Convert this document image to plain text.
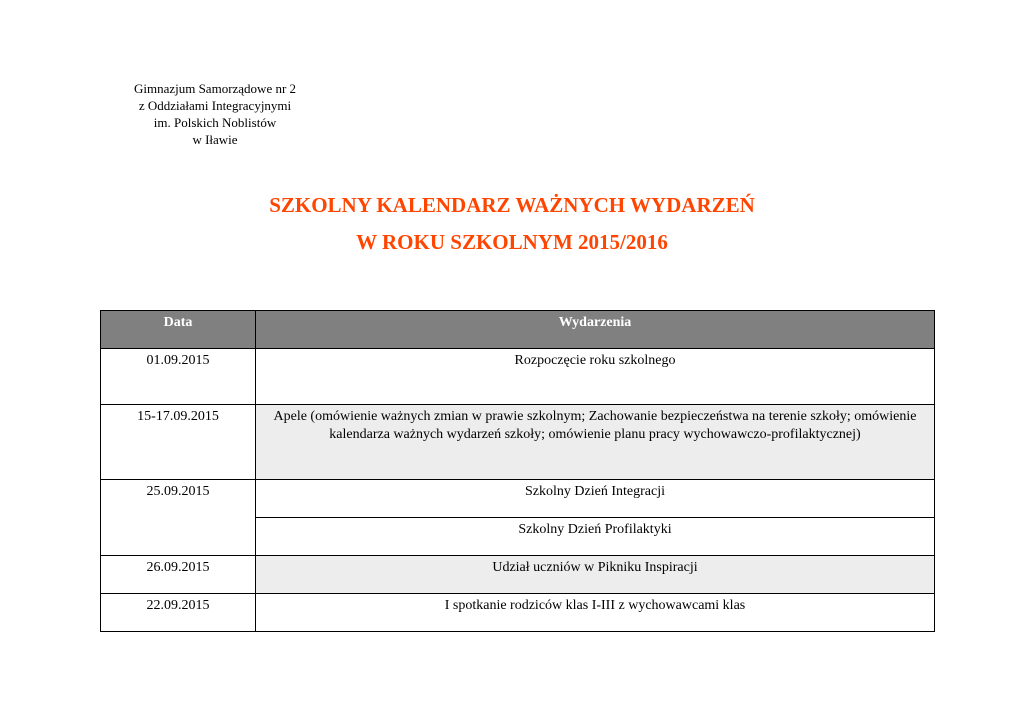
Gimnazjum Samorządowe nr 2
z Oddziałami Integracyjnymi
im. Polskich Noblistów
w Iławie
SZKOLNY KALENDARZ WAŻNYCH WYDARZEŃ
W ROKU SZKOLNYM 2015/2016
Data	Wydarzenia
01.09.2015	Rozpoczęcie roku szkolnego
15-17.09.2015	Apele (omówienie ważnych zmian w prawie szkolnym; Zachowanie bezpieczeństwa na terenie szkoły; omówienie kalendarza ważnych wydarzeń szkoły; omówienie planu pracy wychowawczo-profilaktycznej)
25.09.2015	Szkolny Dzień Integracji
	Szkolny Dzień Profilaktyki
26.09.2015	Udział uczniów w Pikniku Inspiracji
22.09.2015	I spotkanie rodziców klas I-III z wychowawcami klas
